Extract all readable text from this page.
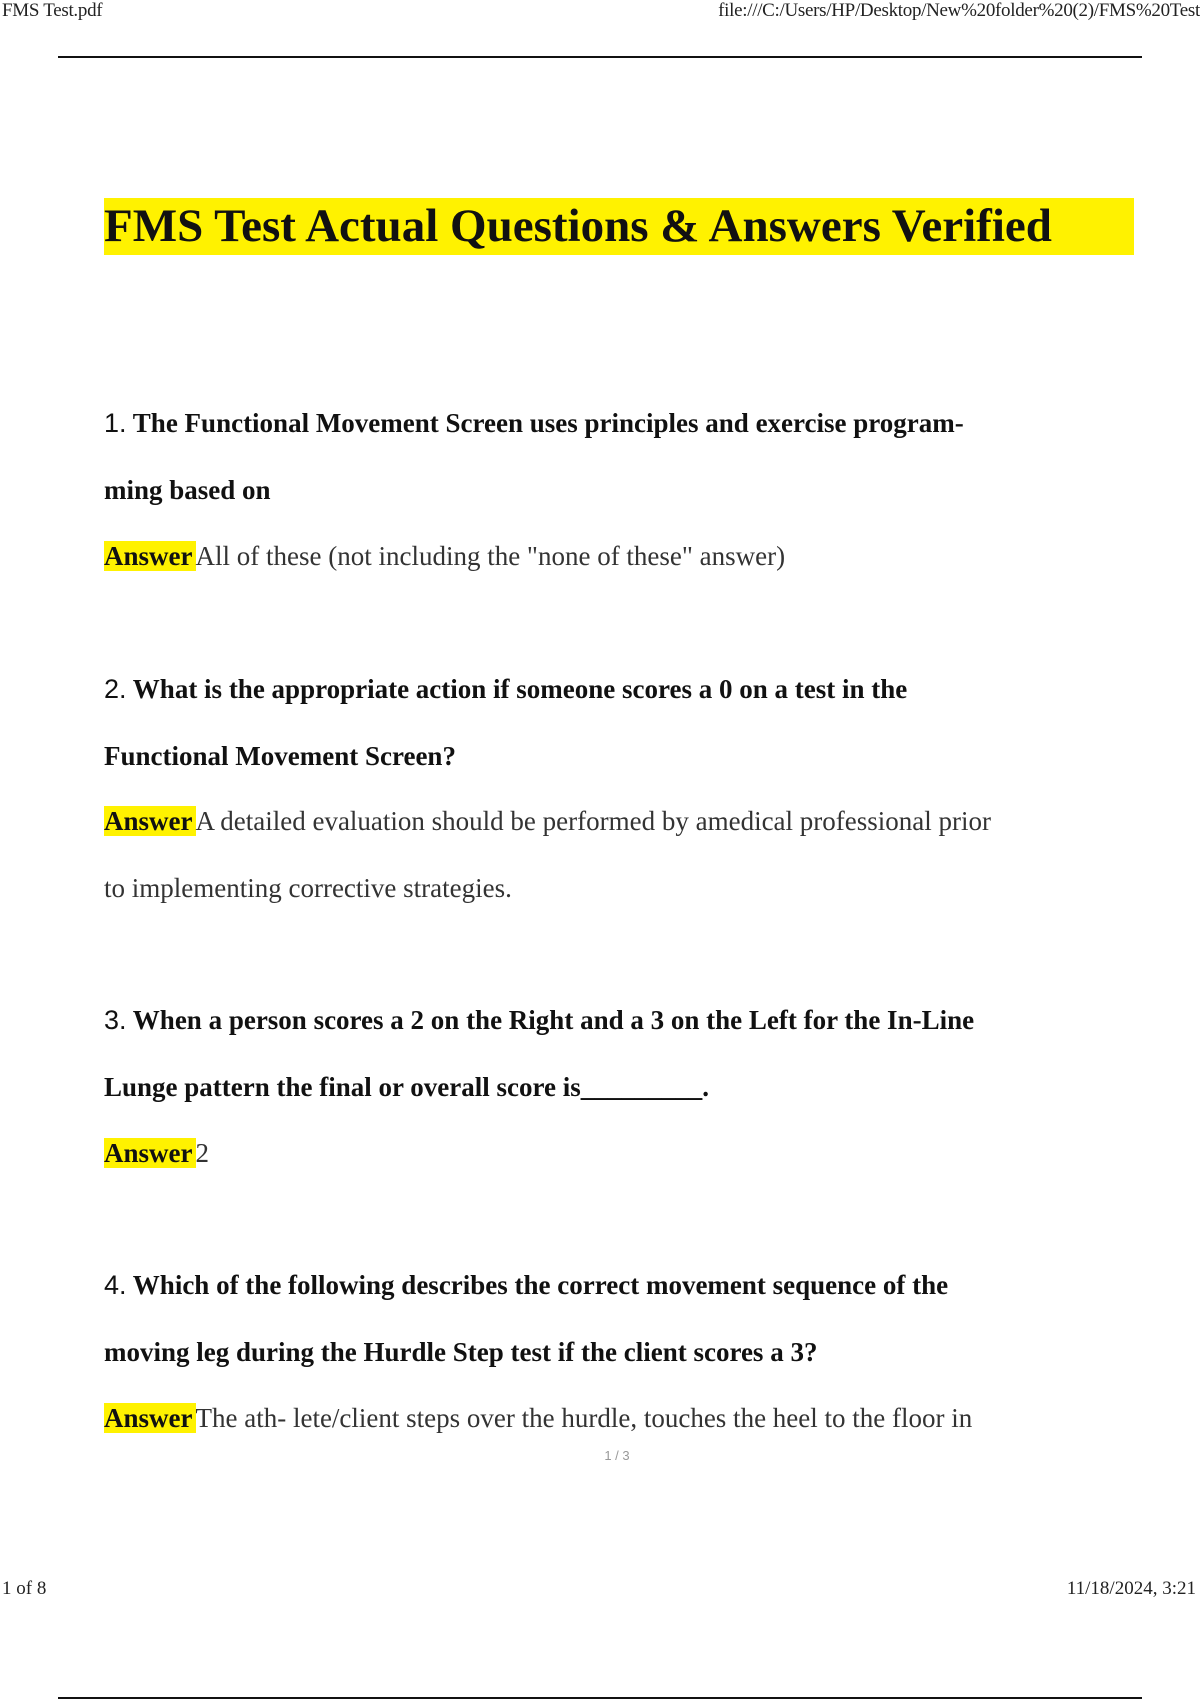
FMS Test.pdf	file:///C:/Users/HP/Desktop/New%20folder%20(2)/FMS%20Test
FMS Test Actual Questions & Answers Verified
1. The Functional Movement Screen uses principles and exercise program-
ming based on
Answer All of these (not including the "none of these" answer)
2. What is the appropriate action if someone scores a 0 on a test in the
Functional Movement Screen?
Answer A detailed evaluation should be performed by amedical professional prior
to implementing corrective strategies.
3. When a person scores a 2 on the Right and a 3 on the Left for the In-Line
Lunge pattern the final or overall score is_________.
Answer 2
4. Which of the following describes the correct movement sequence of the
moving leg during the Hurdle Step test if the client scores a 3?
Answer The ath- lete/client steps over the hurdle, touches the heel to the floor in
1 / 3
1 of 8	11/18/2024, 3:21
